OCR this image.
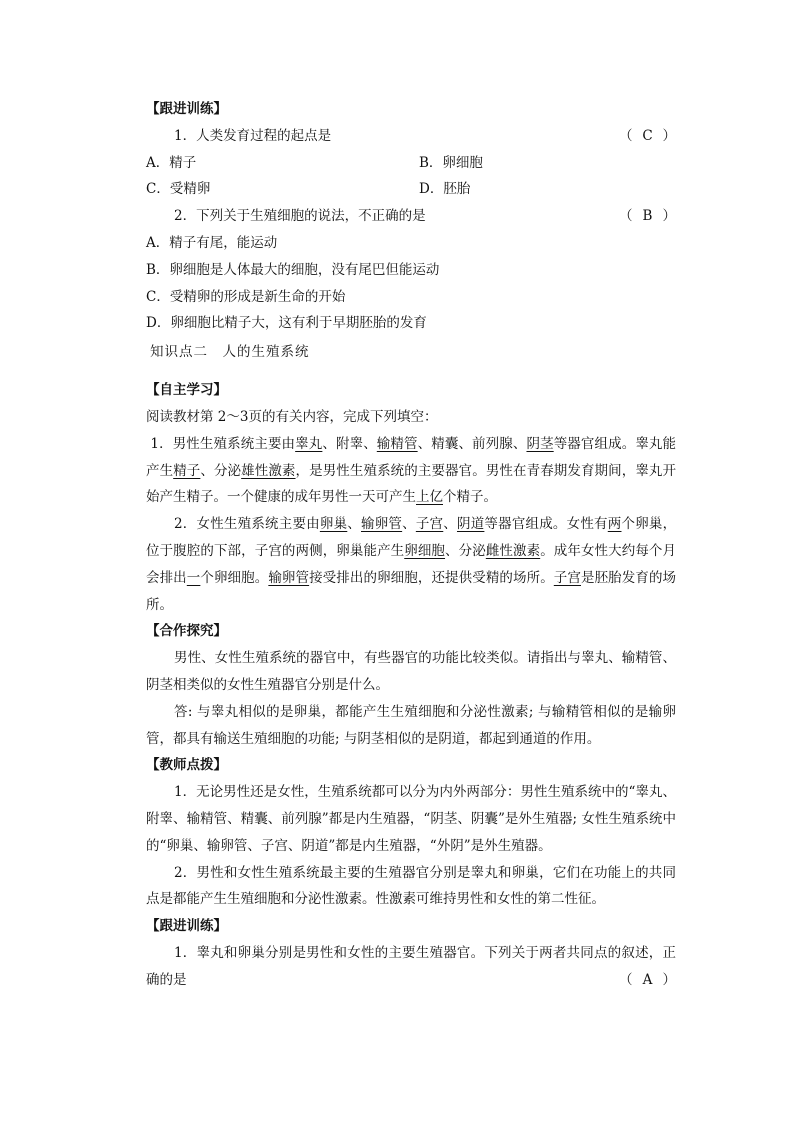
【跟进训练】
1．人类发育过程的起点是	（ C ）
A．精子	B．卵细胞
C．受精卵	D．胚胎
2．下列关于生殖细胞的说法，不正确的是	（ B ）
A．精子有尾，能运动
B．卵细胞是人体最大的细胞，没有尾巴但能运动
C．受精卵的形成是新生命的开始
D．卵细胞比精子大，这有利于早期胚胎的发育
知识点二　人的生殖系统
【自主学习】
阅读教材第 2～3页的有关内容，完成下列填空：

1．男性生殖系统主要由睾丸、附睾、输精管、精囊、前列腺、阴茎等器官组成。睾丸能产生精子、分泌雄性激素，是男性生殖系统的主要器官。男性在青春期发育期间，睾丸开始产生精子。一个健康的成年男性一天可产生上亿个精子。

2．女性生殖系统主要由卵巢、输卵管、子宫、阴道等器官组成。女性有两个卵巢，位于腹腔的下部，子宫的两侧，卵巢能产生卵细胞、分泌雌性激素。成年女性大约每个月会排出一个卵细胞。输卵管接受排出的卵细胞，还提供受精的场所。子宫是胚胎发育的场所。

【合作探究】

男性、女性生殖系统的器官中，有些器官的功能比较类似。请指出与睾丸、输精管、阴茎相类似的女性生殖器官分别是什么。

答: 与睾丸相似的是卵巢，都能产生生殖细胞和分泌性激素; 与输精管相似的是输卵管，都具有输送生殖细胞的功能; 与阴茎相似的是阴道，都起到通道的作用。

【教师点拨】

1．无论男性还是女性，生殖系统都可以分为内外两部分：男性生殖系统中的“睾丸、附睾、输精管、精囊、前列腺”都是内生殖器，“阴茎、阴囊”是外生殖器; 女性生殖系统中的“卵巢、输卵管、子宫、阴道”都是内生殖器，“外阴”是外生殖器。

2．男性和女性生殖系统最主要的生殖器官分别是睾丸和卵巢，它们在功能上的共同点是都能产生生殖细胞和分泌性激素。性激素可维持男性和女性的第二性征。

【跟进训练】

1．睾丸和卵巢分别是男性和女性的主要生殖器官。下列关于两者共同点的叙述，正确的是	（ A ）
